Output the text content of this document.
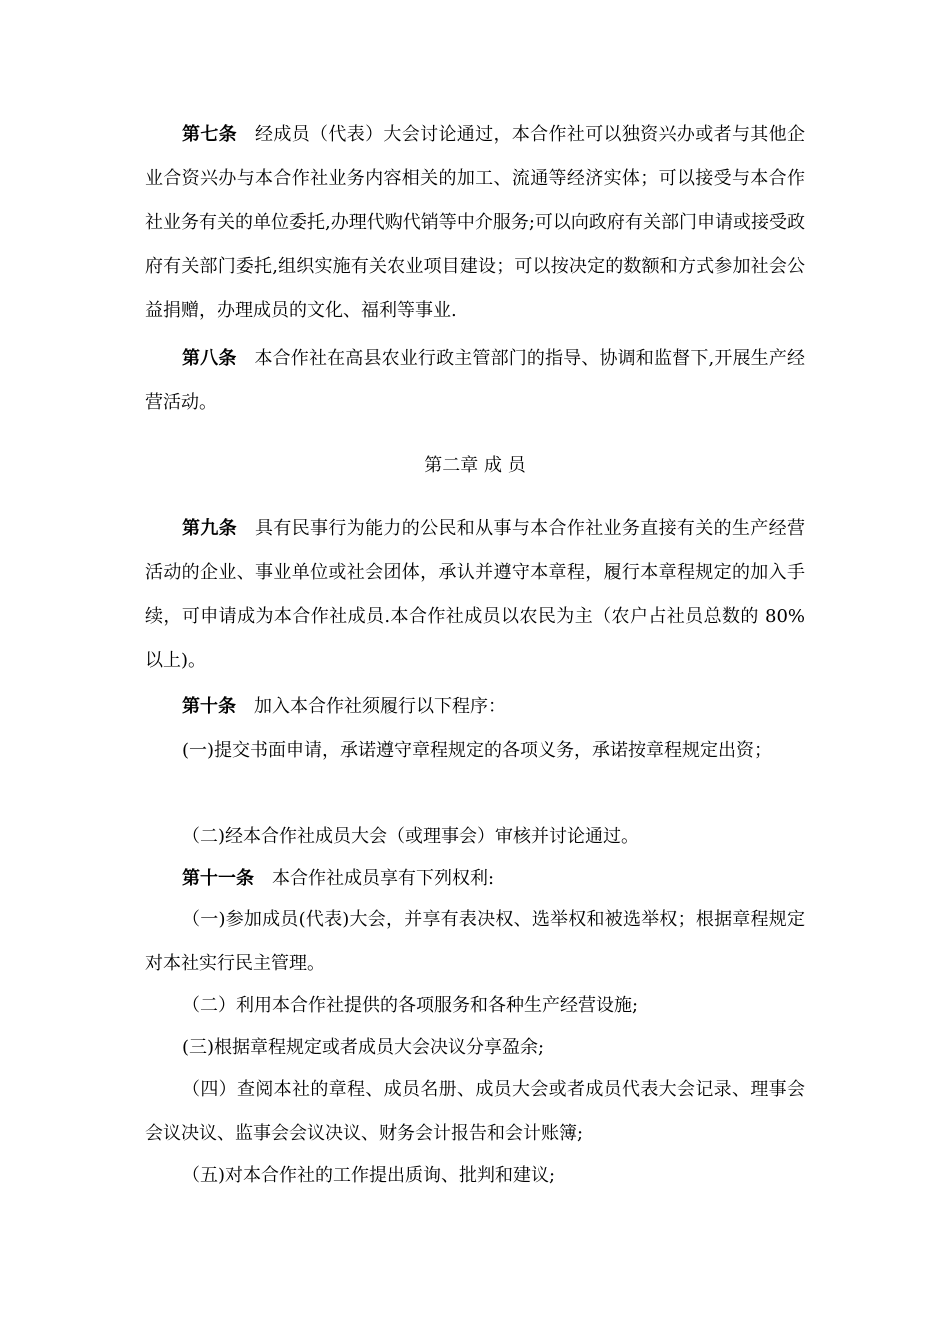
第七条 经成员（代表）大会讨论通过，本合作社可以独资兴办或者与其他企业合资兴办与本合作社业务内容相关的加工、流通等经济实体；可以接受与本合作社业务有关的单位委托,办理代购代销等中介服务;可以向政府有关部门申请或接受政府有关部门委托,组织实施有关农业项目建设；可以按决定的数额和方式参加社会公益捐赠，办理成员的文化、福利等事业.
第八条 本合作社在高县农业行政主管部门的指导、协调和监督下,开展生产经营活动。
第二章 成 员
第九条 具有民事行为能力的公民和从事与本合作社业务直接有关的生产经营活动的企业、事业单位或社会团体，承认并遵守本章程，履行本章程规定的加入手续，可申请成为本合作社成员.本合作社成员以农民为主（农户占社员总数的 80%以上)。
第十条 加入本合作社须履行以下程序：
(一)提交书面申请，承诺遵守章程规定的各项义务，承诺按章程规定出资；
（二)经本合作社成员大会（或理事会）审核并讨论通过。
第十一条 本合作社成员享有下列权利:
（一)参加成员(代表)大会，并享有表决权、选举权和被选举权；根据章程规定对本社实行民主管理。
（二）利用本合作社提供的各项服务和各种生产经营设施;
(三)根据章程规定或者成员大会决议分享盈余;
（四）查阅本社的章程、成员名册、成员大会或者成员代表大会记录、理事会会议决议、监事会会议决议、财务会计报告和会计账簿;
（五)对本合作社的工作提出质询、批判和建议;
